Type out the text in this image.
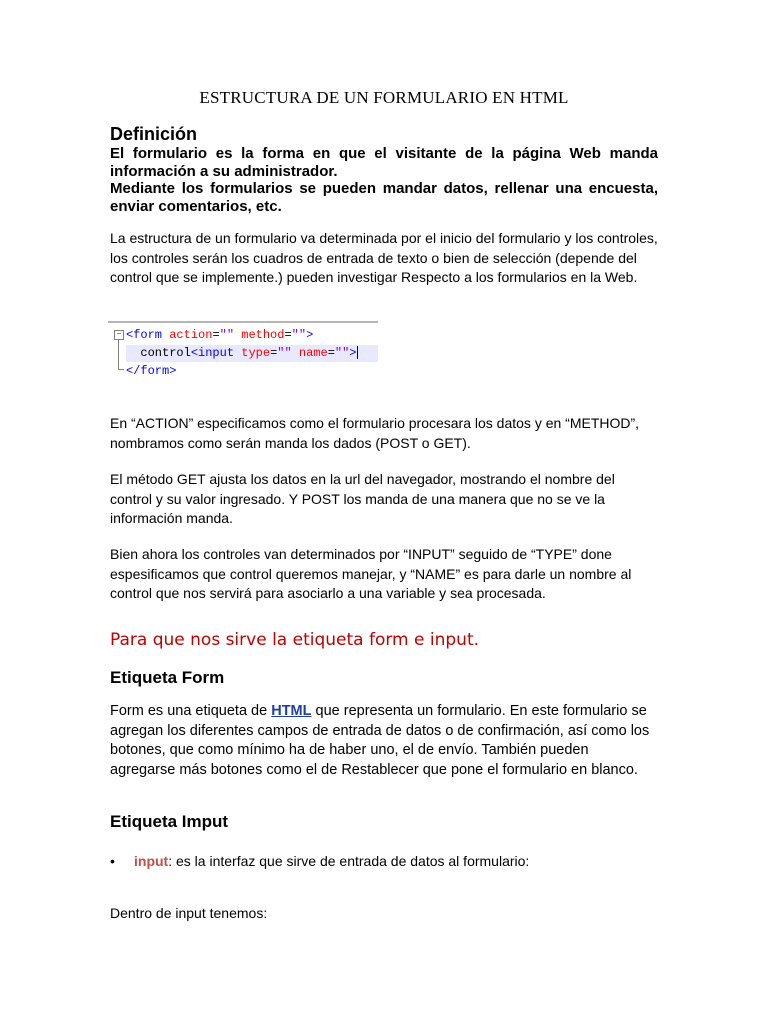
ESTRUCTURA DE UN FORMULARIO EN HTML
Definición
El formulario es la forma en que el visitante de la página Web manda información a su administrador.
Mediante los formularios se pueden mandar datos, rellenar una encuesta, enviar comentarios, etc.
La estructura de un formulario va determinada por el inicio del formulario y los controles, los controles serán los cuadros de entrada de texto o bien de selección (depende del control que se implemente.) pueden investigar Respecto a los formularios en la Web.
− <form action="" method="">
control<input type="" name="">
</form>
En “ACTION” especificamos como el formulario procesara los datos y en “METHOD”, nombramos como serán manda los dados (POST o GET).
El método GET ajusta los datos en la url del navegador, mostrando el nombre del control y su valor ingresado. Y POST los manda de una manera que no se ve la información manda.
Bien ahora los controles van determinados por “INPUT” seguido de “TYPE” done espesificamos que control queremos manejar, y “NAME” es para darle un nombre al control que nos servirá para asociarlo a una variable y sea procesada.
Para que nos sirve la etiqueta form e input.
Etiqueta Form
Form es una etiqueta de HTML que representa un formulario. En este formulario se agregan los diferentes campos de entrada de datos o de confirmación, así como los botones, que como mínimo ha de haber uno, el de envío. También pueden agregarse más botones como el de Restablecer que pone el formulario en blanco.
Etiqueta Imput
• input: es la interfaz que sirve de entrada de datos al formulario:
Dentro de input tenemos:
